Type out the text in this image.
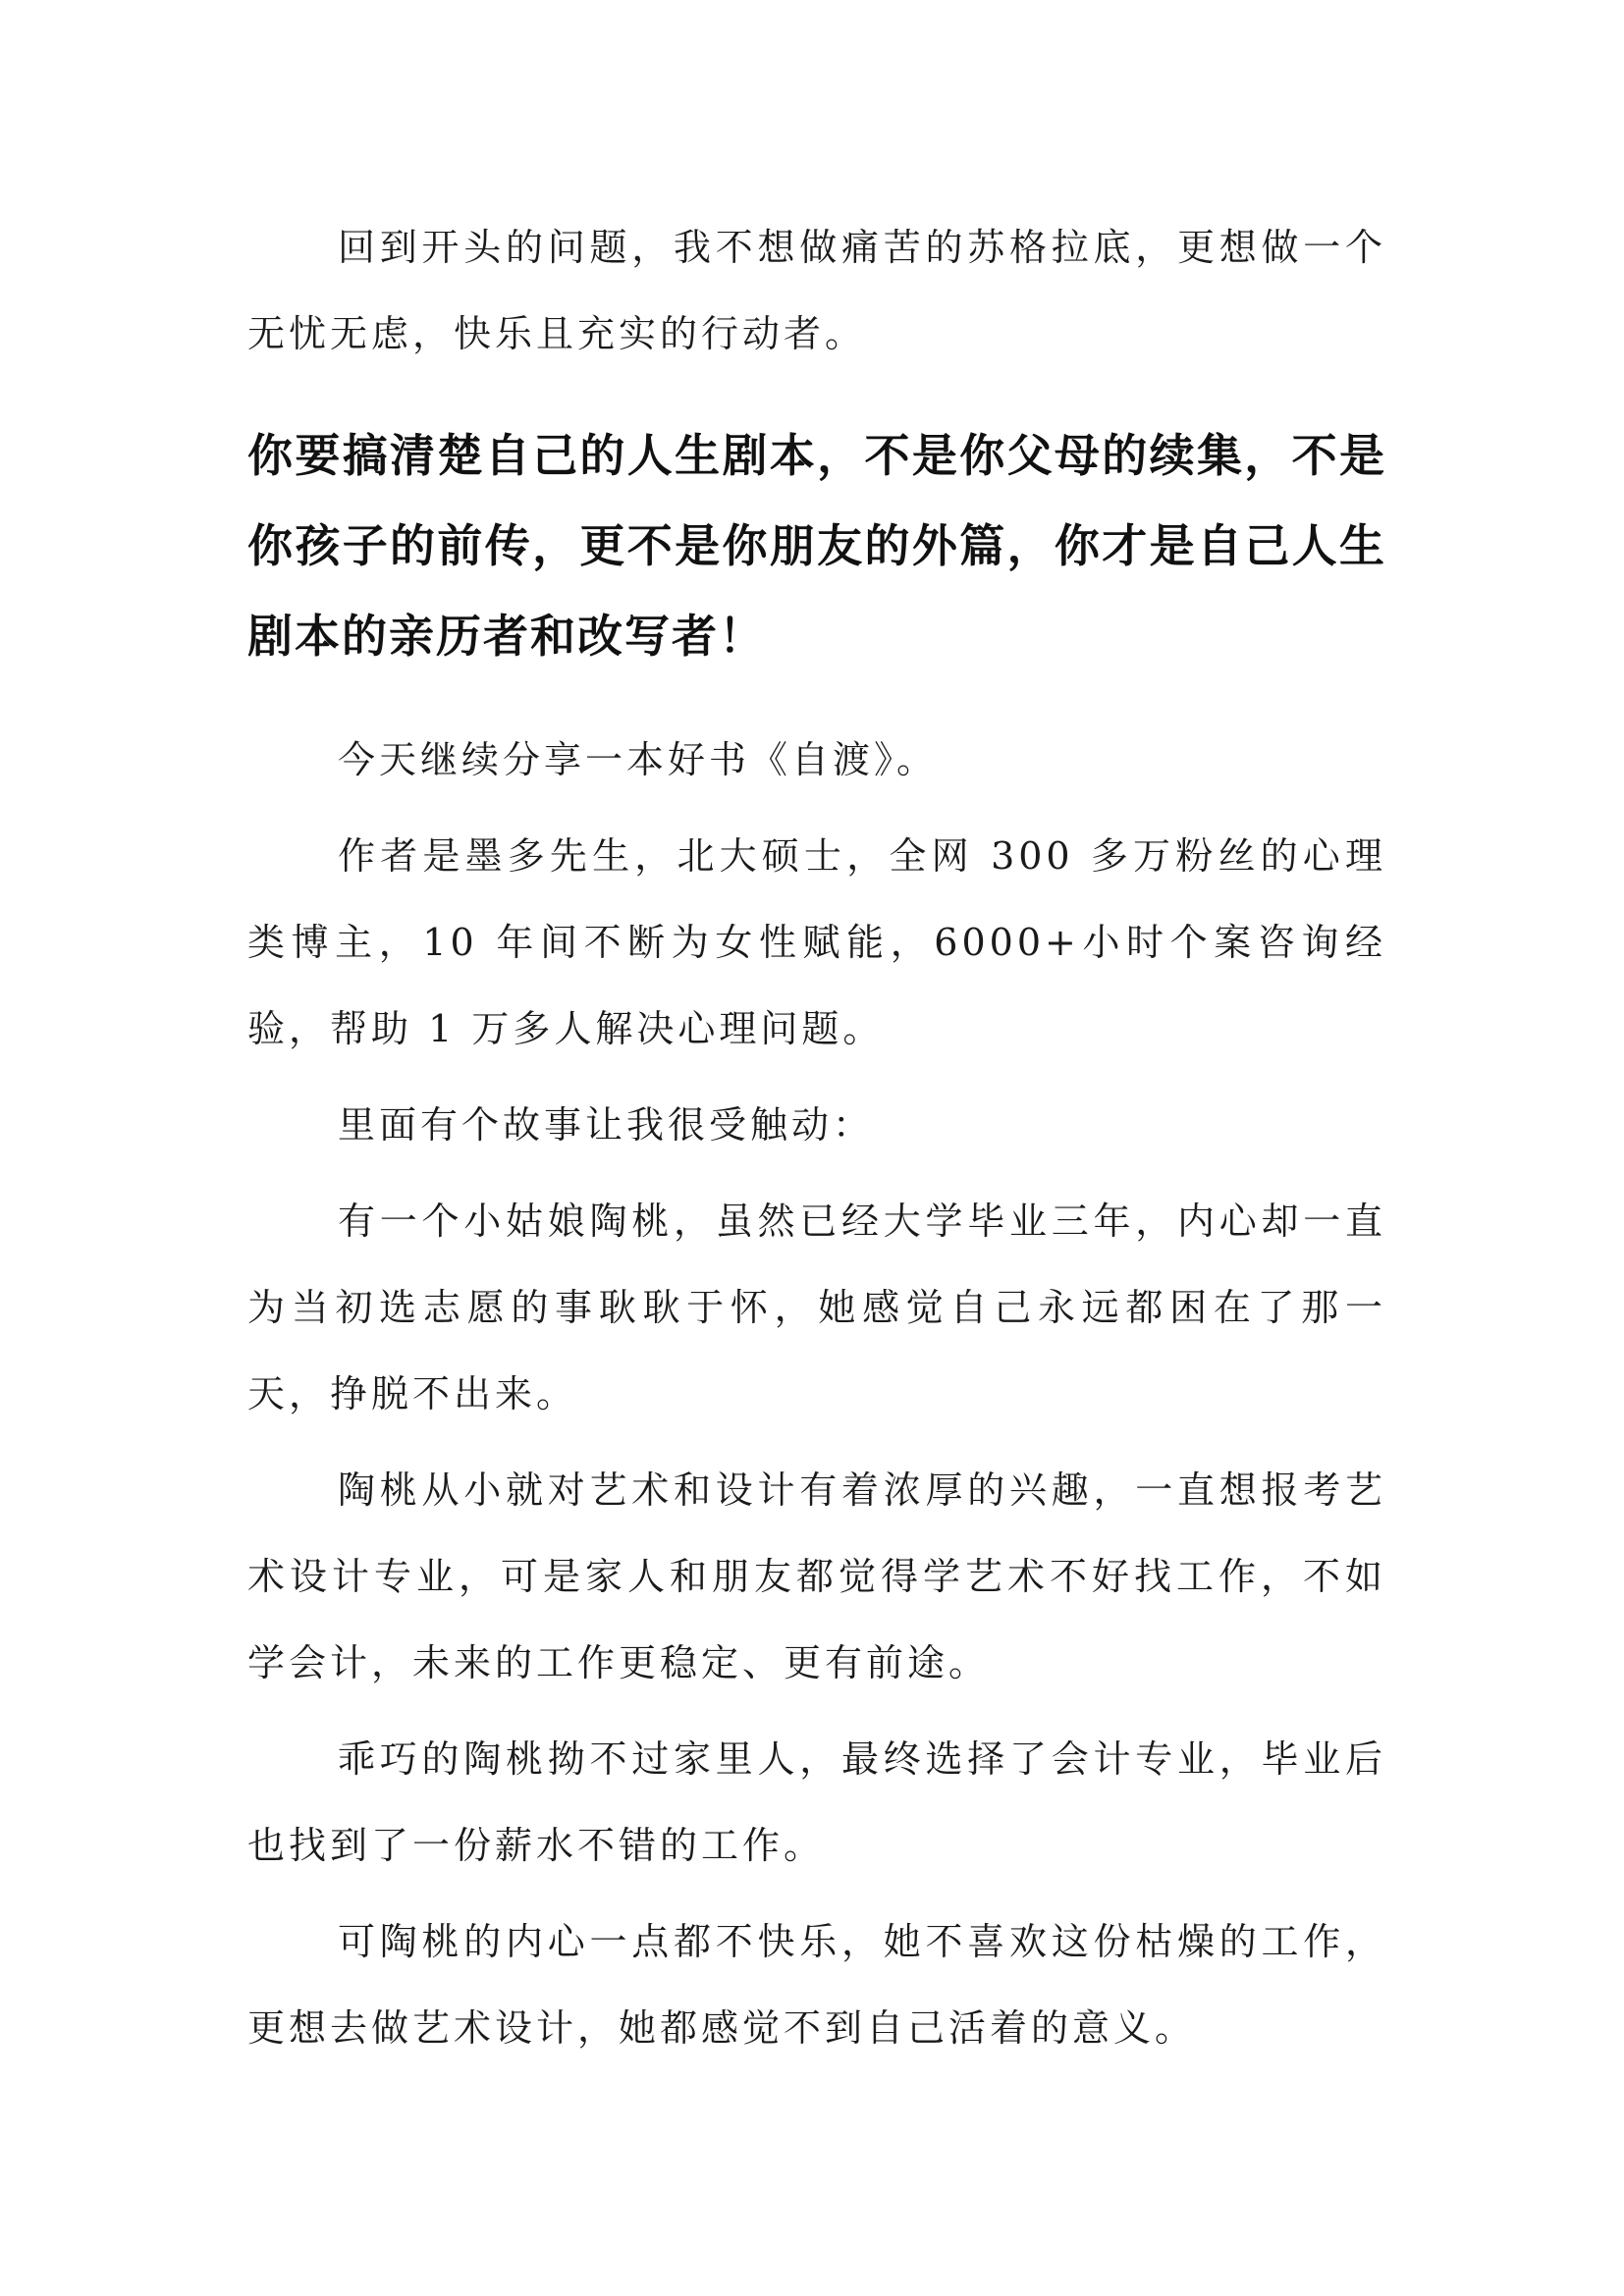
回到开头的问题，我不想做痛苦的苏格拉底，更想做一个无忧无虑，快乐且充实的行动者。

你要搞清楚自己的人生剧本，不是你父母的续集，不是你孩子的前传，更不是你朋友的外篇，你才是自己人生剧本的亲历者和改写者！

今天继续分享一本好书《自渡》。

作者是墨多先生，北大硕士，全网 300 多万粉丝的心理类博主，10 年间不断为女性赋能，6000+小时个案咨询经验，帮助 1 万多人解决心理问题。

里面有个故事让我很受触动：

有一个小姑娘陶桃，虽然已经大学毕业三年，内心却一直为当初选志愿的事耿耿于怀，她感觉自己永远都困在了那一天，挣脱不出来。

陶桃从小就对艺术和设计有着浓厚的兴趣，一直想报考艺术设计专业，可是家人和朋友都觉得学艺术不好找工作，不如学会计，未来的工作更稳定、更有前途。

乖巧的陶桃拗不过家里人，最终选择了会计专业，毕业后也找到了一份薪水不错的工作。

可陶桃的内心一点都不快乐，她不喜欢这份枯燥的工作，更想去做艺术设计，她都感觉不到自己活着的意义。
